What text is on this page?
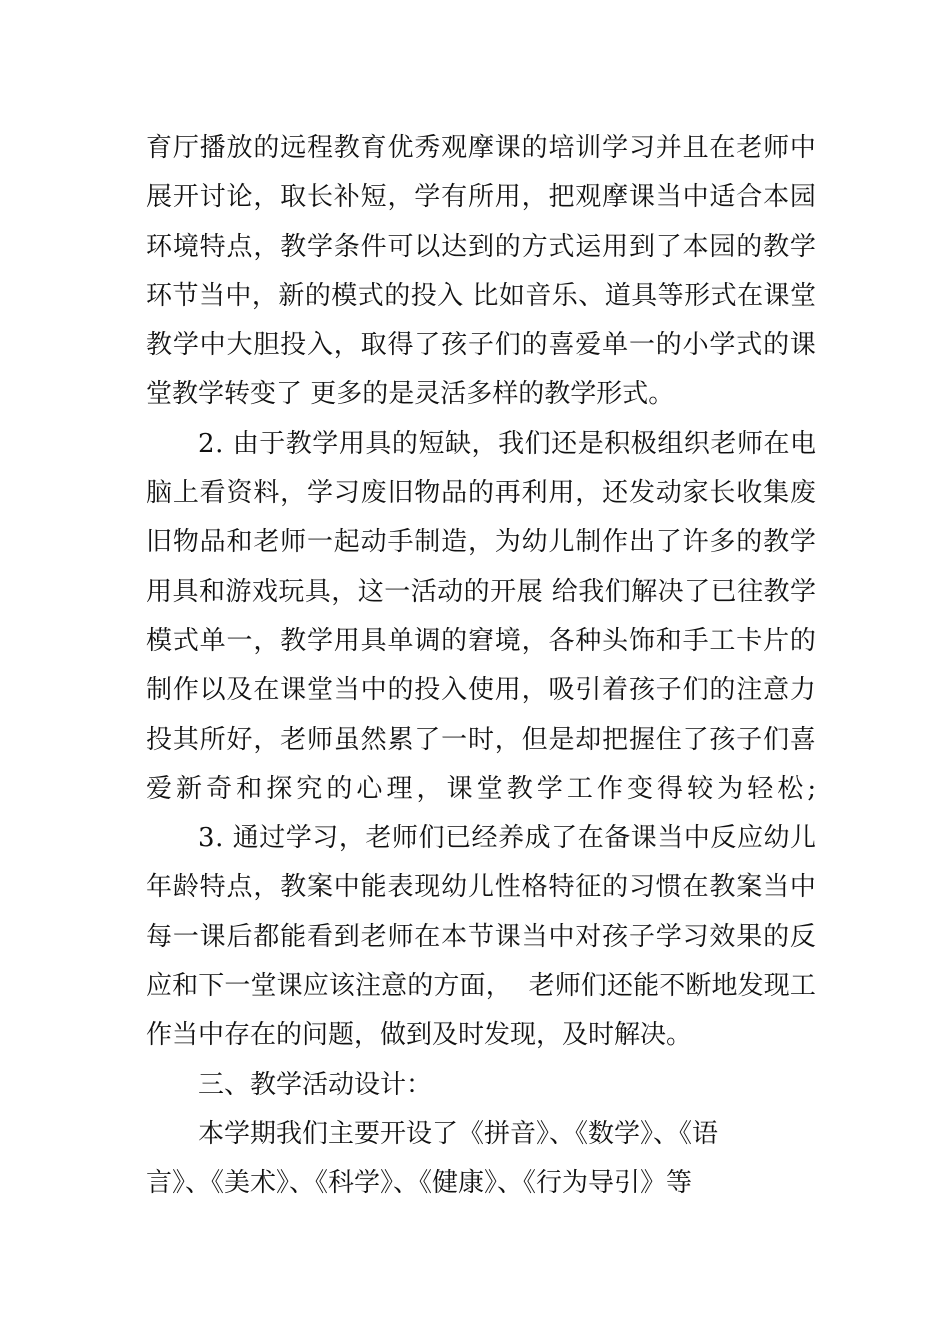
育厅播放的远程教育优秀观摩课的培训学习并且在老师中
展开讨论，取长补短，学有所用，把观摩课当中适合本园
环境特点，教学条件可以达到的方式运用到了本园的教学
环节当中，新的模式的投入 比如音乐、道具等形式在课堂
教学中大胆投入，取得了孩子们的喜爱单一的小学式的课
堂教学转变了 更多的是灵活多样的教学形式。
2. 由于教学用具的短缺，我们还是积极组织老师在电
脑上看资料，学习废旧物品的再利用，还发动家长收集废
旧物品和老师一起动手制造，为幼儿制作出了许多的教学
用具和游戏玩具，这一活动的开展 给我们解决了已往教学
模式单一，教学用具单调的窘境，各种头饰和手工卡片的
制作以及在课堂当中的投入使用，吸引着孩子们的注意力
投其所好，老师虽然累了一时，但是却把握住了孩子们喜
爱新奇和探究的心理，课堂教学工作变得较为轻松;
3. 通过学习，老师们已经养成了在备课当中反应幼儿
年龄特点，教案中能表现幼儿性格特征的习惯在教案当中
每一课后都能看到老师在本节课当中对孩子学习效果的反
应和下一堂课应该注意的方面，  老师们还能不断地发现工
作当中存在的问题，做到及时发现，及时解决。
三、教学活动设计：
本学期我们主要开设了《拼音》、《数学》、《语
言》、《美术》、《科学》、《健康》、《行为导引》等
